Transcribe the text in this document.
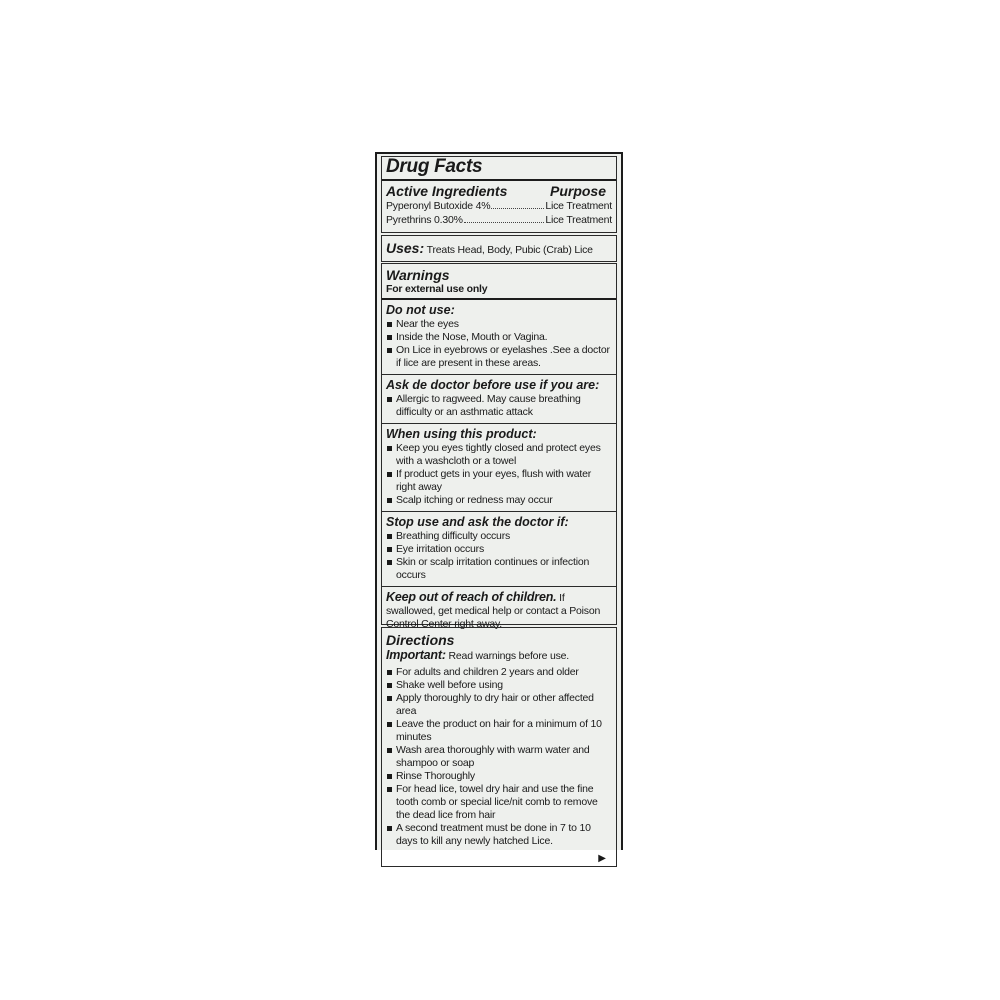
Drug Facts
Active Ingredients	Purpose
Pyperonyl Butoxide 4%	Lice Treatment
Pyrethrins 0.30%	Lice Treatment
Uses: Treats Head, Body, Pubic (Crab) Lice
Warnings
For external use only
Do not use:
Near the eyes
Inside the Nose, Mouth or Vagina.
On Lice in eyebrows or eyelashes .See a doctor if lice are present in these areas.
Ask de doctor before use if you are:
Allergic to ragweed. May cause breathing difficulty or an asthmatic attack
When using this product:
Keep you eyes tightly closed and protect eyes with a washcloth or a towel
If product gets in your eyes, flush with water right away
Scalp itching or redness may occur
Stop use and ask the doctor if:
Breathing difficulty occurs
Eye irritation occurs
Skin or scalp irritation continues or infection occurs
Keep out of reach of children. If swallowed, get medical help or contact a Poison Control Center right away.
Directions
Important: Read warnings before use.
For adults and children 2 years and older
Shake well before using
Apply thoroughly to dry hair or other affected area
Leave the product on hair for a minimum of 10 minutes
Wash area thoroughly with warm water and shampoo or soap
Rinse Thoroughly
For head lice, towel dry hair and use the fine tooth comb or special lice/nit comb to remove the dead lice from hair
A second treatment must be done in 7 to 10 days to kill any newly hatched Lice.
▶
